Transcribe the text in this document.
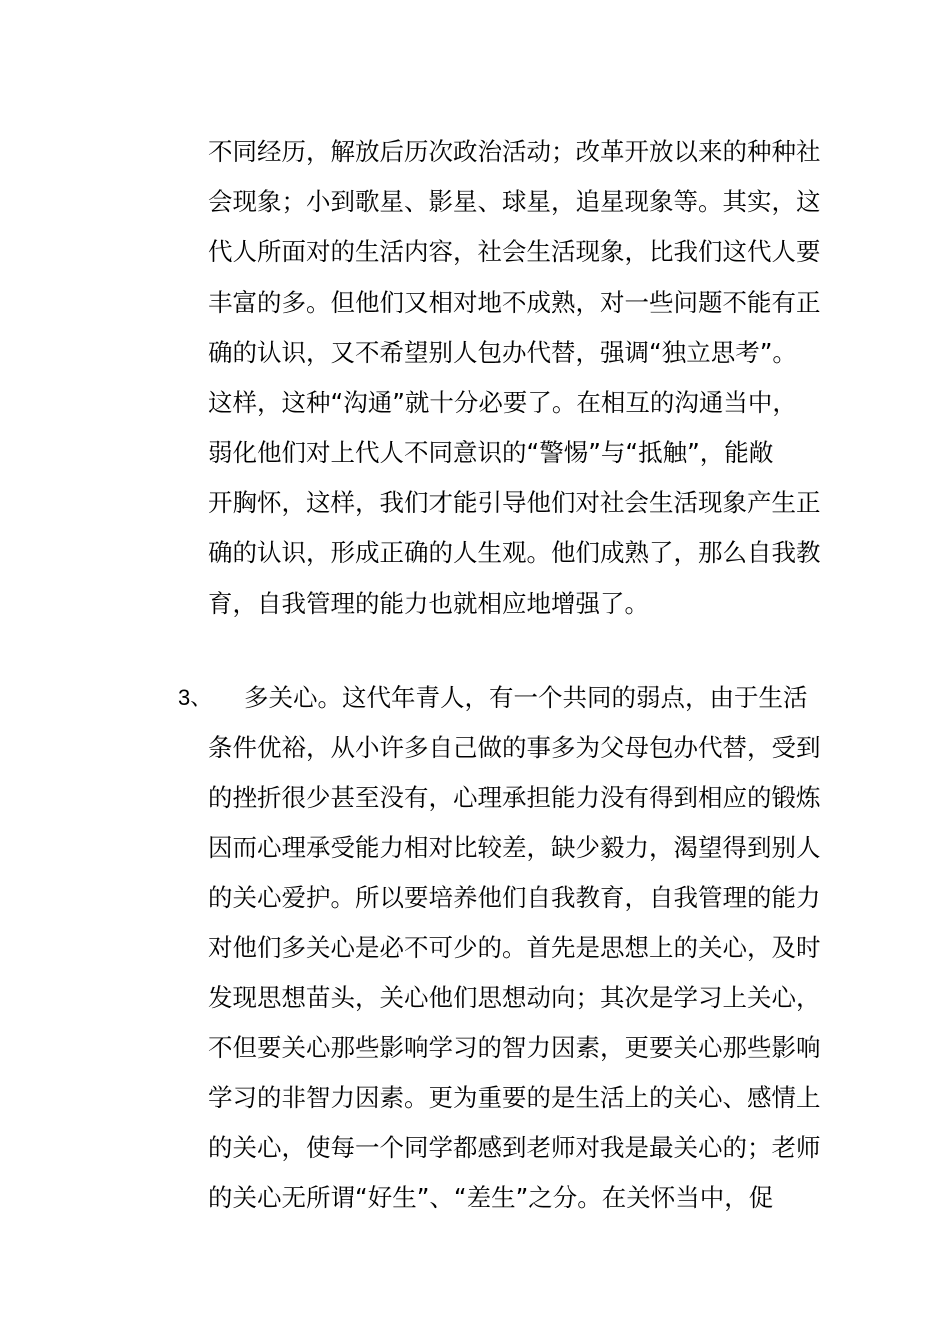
不同经历，解放后历次政治活动；改革开放以来的种种社
会现象；小到歌星、影星、球星，追星现象等。其实，这
代人所面对的生活内容，社会生活现象，比我们这代人要
丰富的多。但他们又相对地不成熟，对一些问题不能有正
确的认识，又不希望别人包办代替，强调“独立思考”。
这样，这种“沟通”就十分必要了。在相互的沟通当中，
弱化他们对上代人不同意识的“警惕”与“抵触”，能敞
开胸怀，这样，我们才能引导他们对社会生活现象产生正
确的认识，形成正确的人生观。他们成熟了，那么自我教
育，自我管理的能力也就相应地增强了。
3、 多关心。这代年青人，有一个共同的弱点，由于生活
条件优裕，从小许多自己做的事多为父母包办代替，受到
的挫折很少甚至没有，心理承担能力没有得到相应的锻炼
因而心理承受能力相对比较差，缺少毅力，渴望得到别人
的关心爱护。所以要培养他们自我教育，自我管理的能力
对他们多关心是必不可少的。首先是思想上的关心，及时
发现思想苗头，关心他们思想动向；其次是学习上关心，
不但要关心那些影响学习的智力因素，更要关心那些影响
学习的非智力因素。更为重要的是生活上的关心、感情上
的关心，使每一个同学都感到老师对我是最关心的；老师
的关心无所谓“好生”、“差生”之分。在关怀当中，促
